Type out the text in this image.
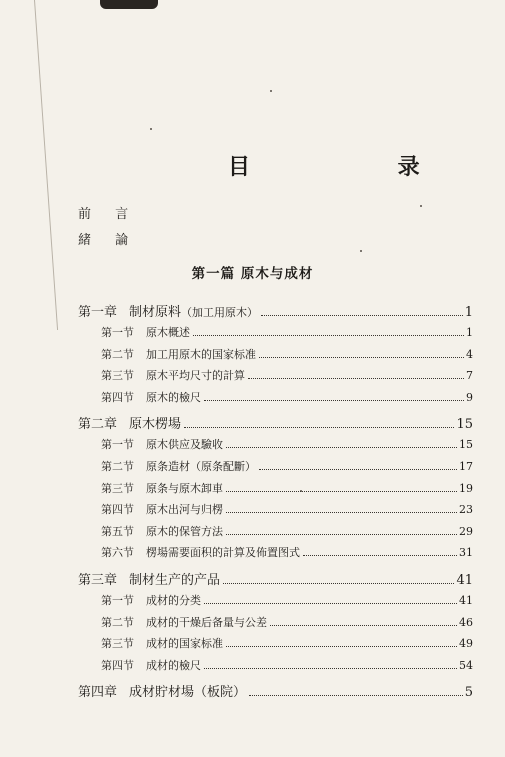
目 录
前 言
緒 論
第一篇 原木与成材
第一章 制材原料（加工用原木）	1
第一节 原木概述	1
第二节 加工用原木的国家标准	4
第三节 原木平均尺寸的計算	7
第四节 原木的檢尺	9
第二章 原木楞場	15
第一节 原木供应及驗收	15
第二节 原条造材（原条配斷）	17
第三节 原条与原木卸車	19
第四节 原木出河与归楞	23
第五节 原木的保管方法	29
第六节 楞場需要面积的計算及佈置图式	31
第三章 制材生产的产品	41
第一节 成材的分类	41
第二节 成材的干燥后备量与公差	46
第三节 成材的国家标准	49
第四节 成材的檢尺	54
第四章 成材貯材場（板院）	5
